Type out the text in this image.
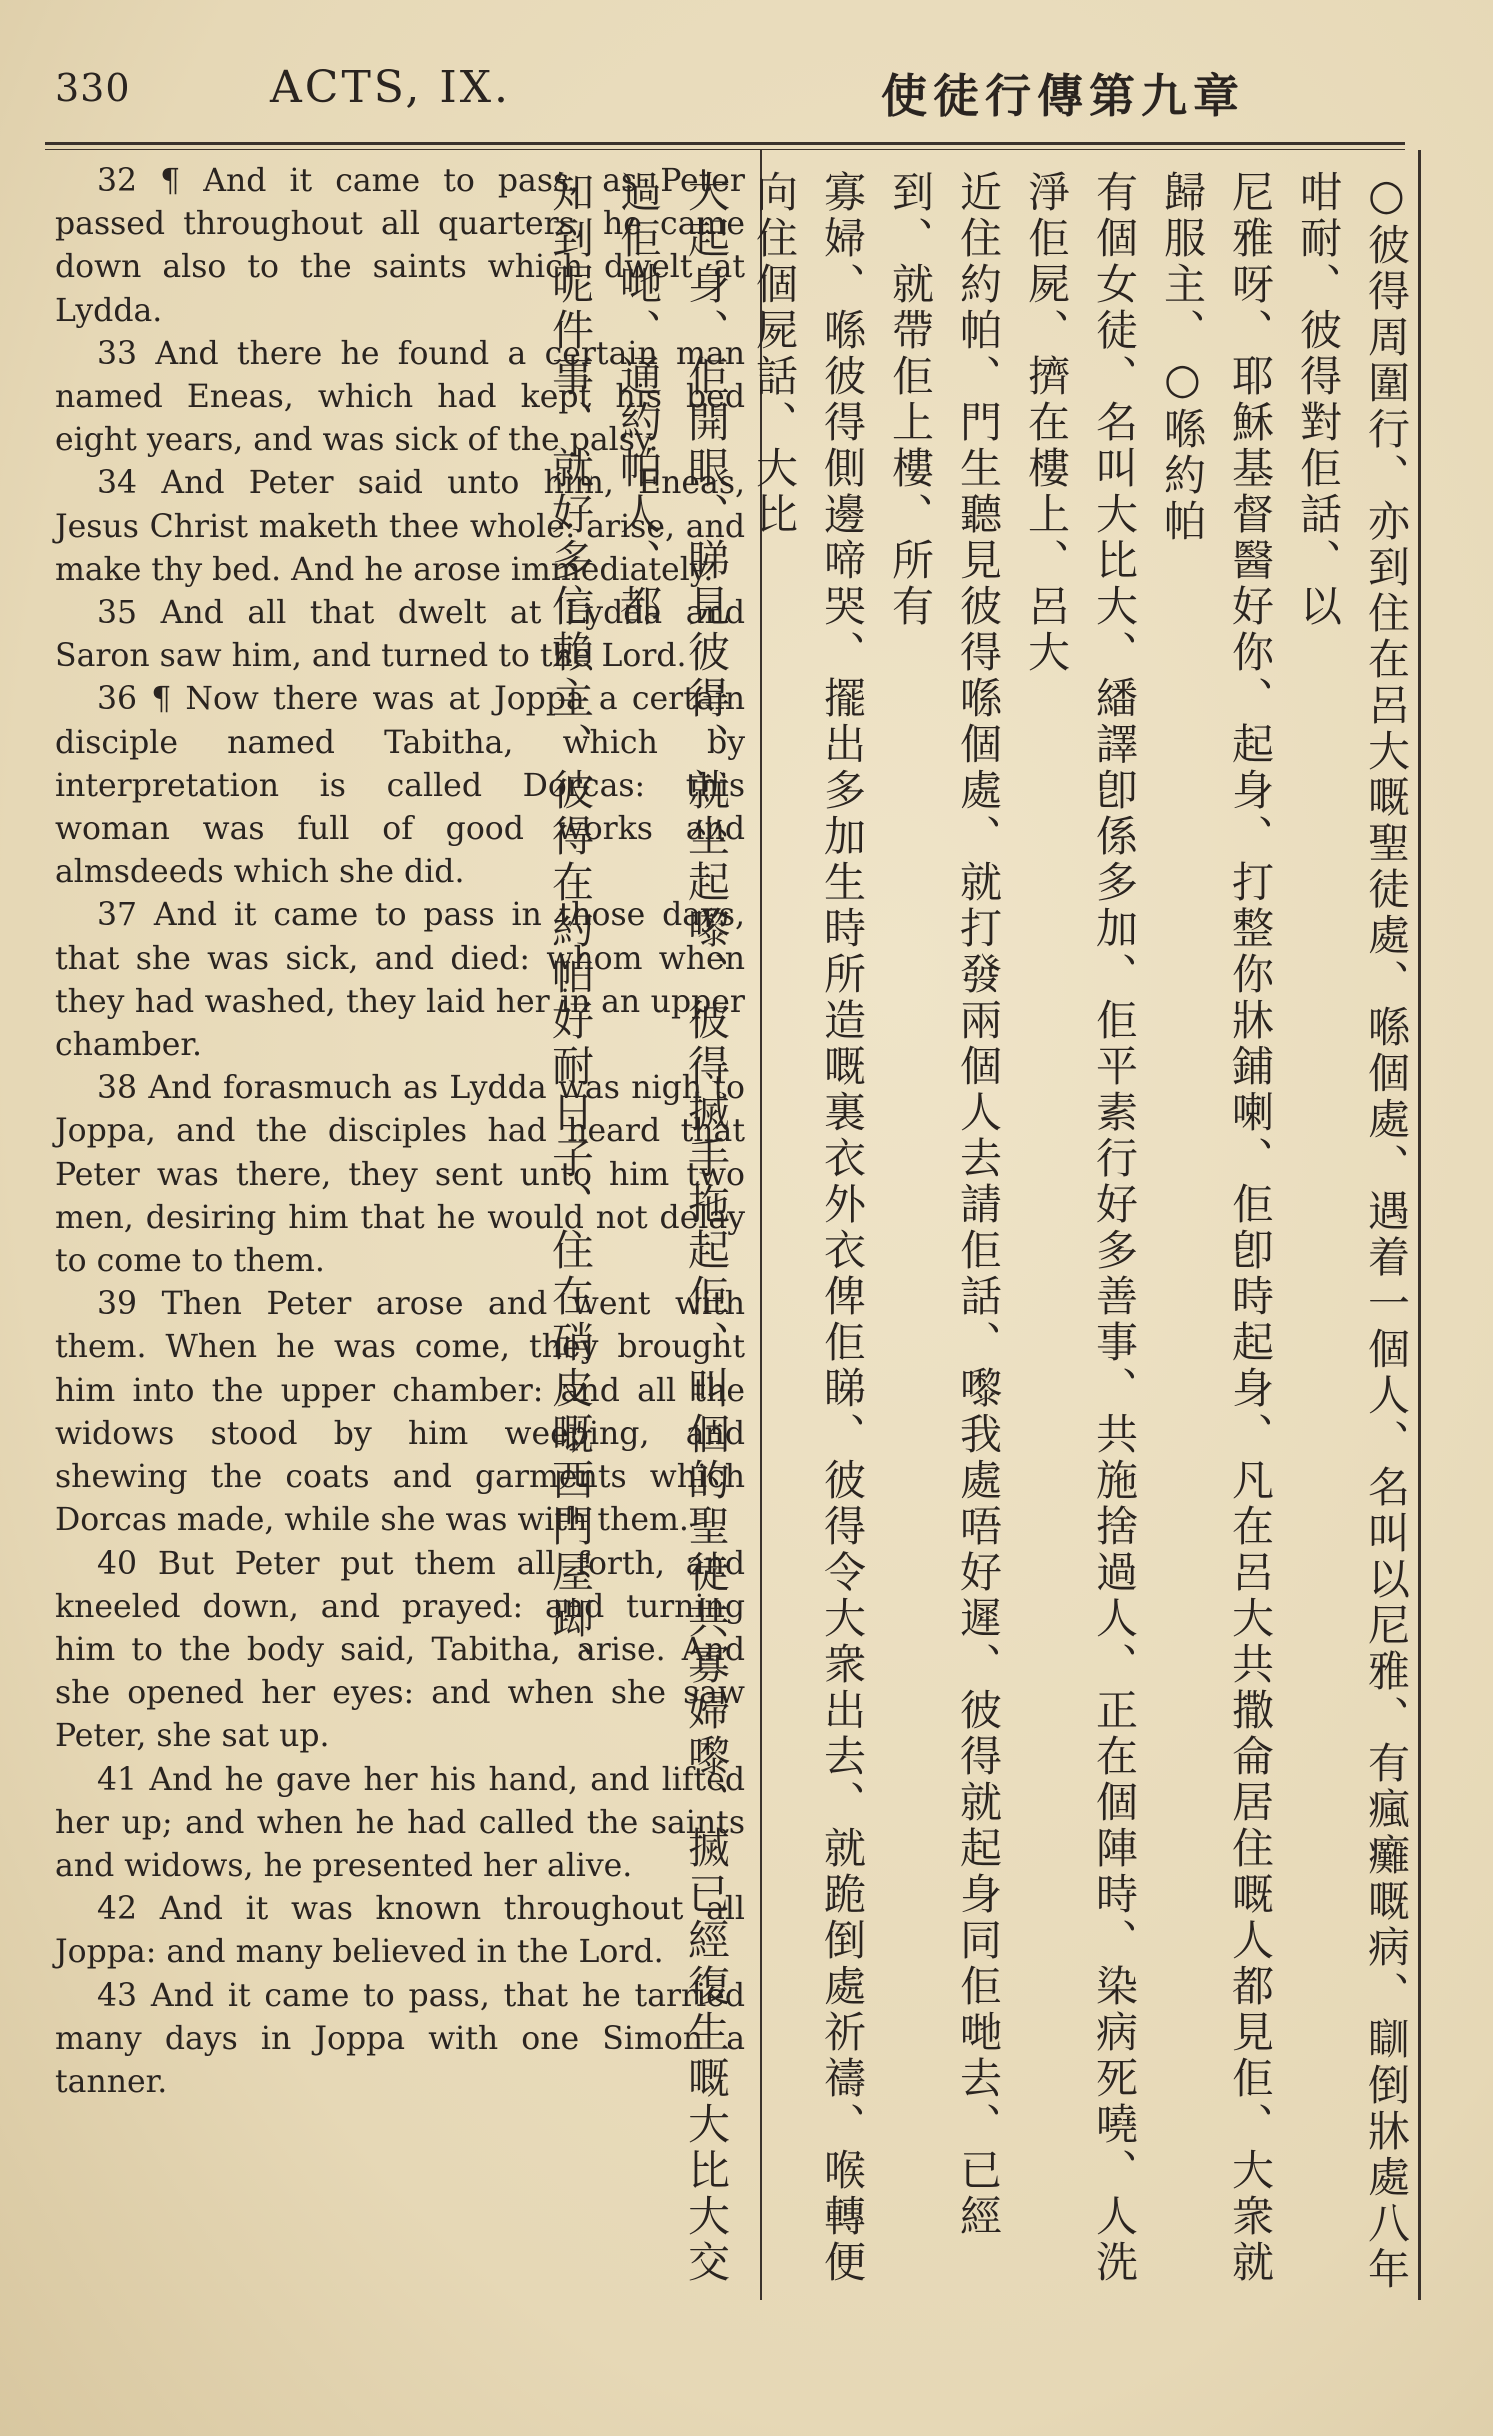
330	ACTS, IX.	使徒行傳第九章

32 ¶ And it came to pass, as Peter passed throughout all quarters, he came down also to the saints which dwelt at Lydda.

33 And there he found a certain man named Eneas, which had kept his bed eight years, and was sick of the palsy.

34 And Peter said unto him, Eneas, Jesus Christ maketh thee whole: arise, and make thy bed. And he arose immediately.

35 And all that dwelt at Lydda and Saron saw him, and turned to the Lord.

36 ¶ Now there was at Joppa a certain disciple named Tabitha, which by interpretation is called Dorcas: this woman was full of good works and almsdeeds which she did.

37 And it came to pass in those days, that she was sick, and died: whom when they had washed, they laid her in an upper chamber.

38 And forasmuch as Lydda was nigh to Joppa, and the disciples had heard that Peter was there, they sent unto him two men, desiring him that he would not delay to come to them.

39 Then Peter arose and went with them. When he was come, they brought him into the upper chamber: and all the widows stood by him weeping, and shewing the coats and garments which Dorcas made, while she was with them.

40 But Peter put them all forth, and kneeled down, and prayed: and turning him to the body said, Tabitha, arise. And she opened her eyes: and when she saw Peter, she sat up.

41 And he gave her his hand, and lifted her up; and when he had called the saints and widows, he presented her alive.

42 And it was known throughout all Joppa: and many believed in the Lord.

43 And it came to pass, that he tarried many days in Joppa with one Simon a tanner.	○彼得周圍行、亦到住在呂大嘅聖徒處、喺個處、遇着一個人、名叫以尼雅、有瘋癱嘅病、瞓倒牀處八年咁耐、彼得對佢話、以
尼雅呀、耶穌基督醫好你、起身、打整你牀鋪喇、佢卽時起身、凡在呂大共撒侖居住嘅人都見佢、大衆就歸服主、○喺約帕
有個女徒、名叫大比大、繙譯卽係多加、佢平素行好多善事、共施捨過人、正在個陣時、染病死嘵、人洗淨佢屍、擠在樓上、呂大
近住約帕、門生聽見彼得喺個處、就打發兩個人去請佢話、嚟我處唔好遲、彼得就起身同佢哋去、已經到、就帶佢上樓、所有
寡婦、喺彼得側邊啼哭、擺出多加生時所造嘅裏衣外衣俾佢睇、彼得令大衆出去、就跪倒處祈禱、喉轉便向住個屍話、大比
大起身、佢開眼、睇見彼得、就坐起嚟、彼得搣手拖起佢、叫個的聖徒共寡婦嚟、搣已經復生嘅大比大交過佢哋、通約帕人、都
知到呢件事、就好多信賴主、彼得在約帕好耐日子、住在硝皮嘅西門屋踋、
